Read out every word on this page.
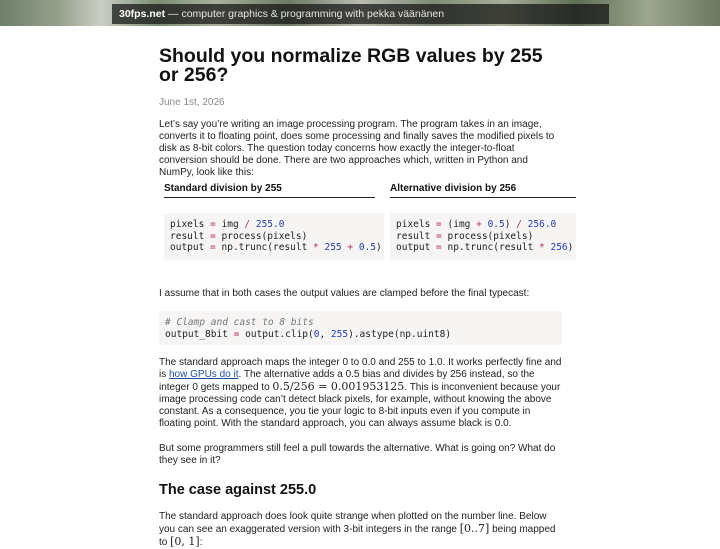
30fps.net — computer graphics & programming with pekka väänänen
Should you normalize RGB values by 255 or 256?
June 1st, 2026

Let’s say you’re writing an image processing program. The program takes in an image, converts it to floating point, does some processing and finally saves the modified pixels to disk as 8-bit colors. The question today concerns how exactly the integer-to-float conversion should be done. There are two approaches which, written in Python and NumPy, look like this:

Standard division by 255	Alternative division by 256
pixels = img / 255.0
result = process(pixels)
output = np.trunc(result * 255 + 0.5)
pixels = (img + 0.5) / 256.0
result = process(pixels)
output = np.trunc(result * 256)

I assume that in both cases the output values are clamped before the final typecast:

# Clamp and cast to 8 bits
output_8bit = output.clip(0, 255).astype(np.uint8)

The standard approach maps the integer 0 to 0.0 and 255 to 1.0. It works perfectly fine and is how GPUs do it. The alternative adds a 0.5 bias and divides by 256 instead, so the integer 0 gets mapped to 0.5/256 = 0.001953125. This is inconvenient because your image processing code can’t detect black pixels, for example, without knowing the above constant. As a consequence, you tie your logic to 8-bit inputs even if you compute in floating point. With the standard approach, you can always assume black is 0.0.

But some programmers still feel a pull towards the alternative. What is going on? What do they see in it?

The case against 255.0

The standard approach does look quite strange when plotted on the number line. Below you can see an exaggerated version with 3-bit integers in the range [0..7] being mapped to [0, 1]:
